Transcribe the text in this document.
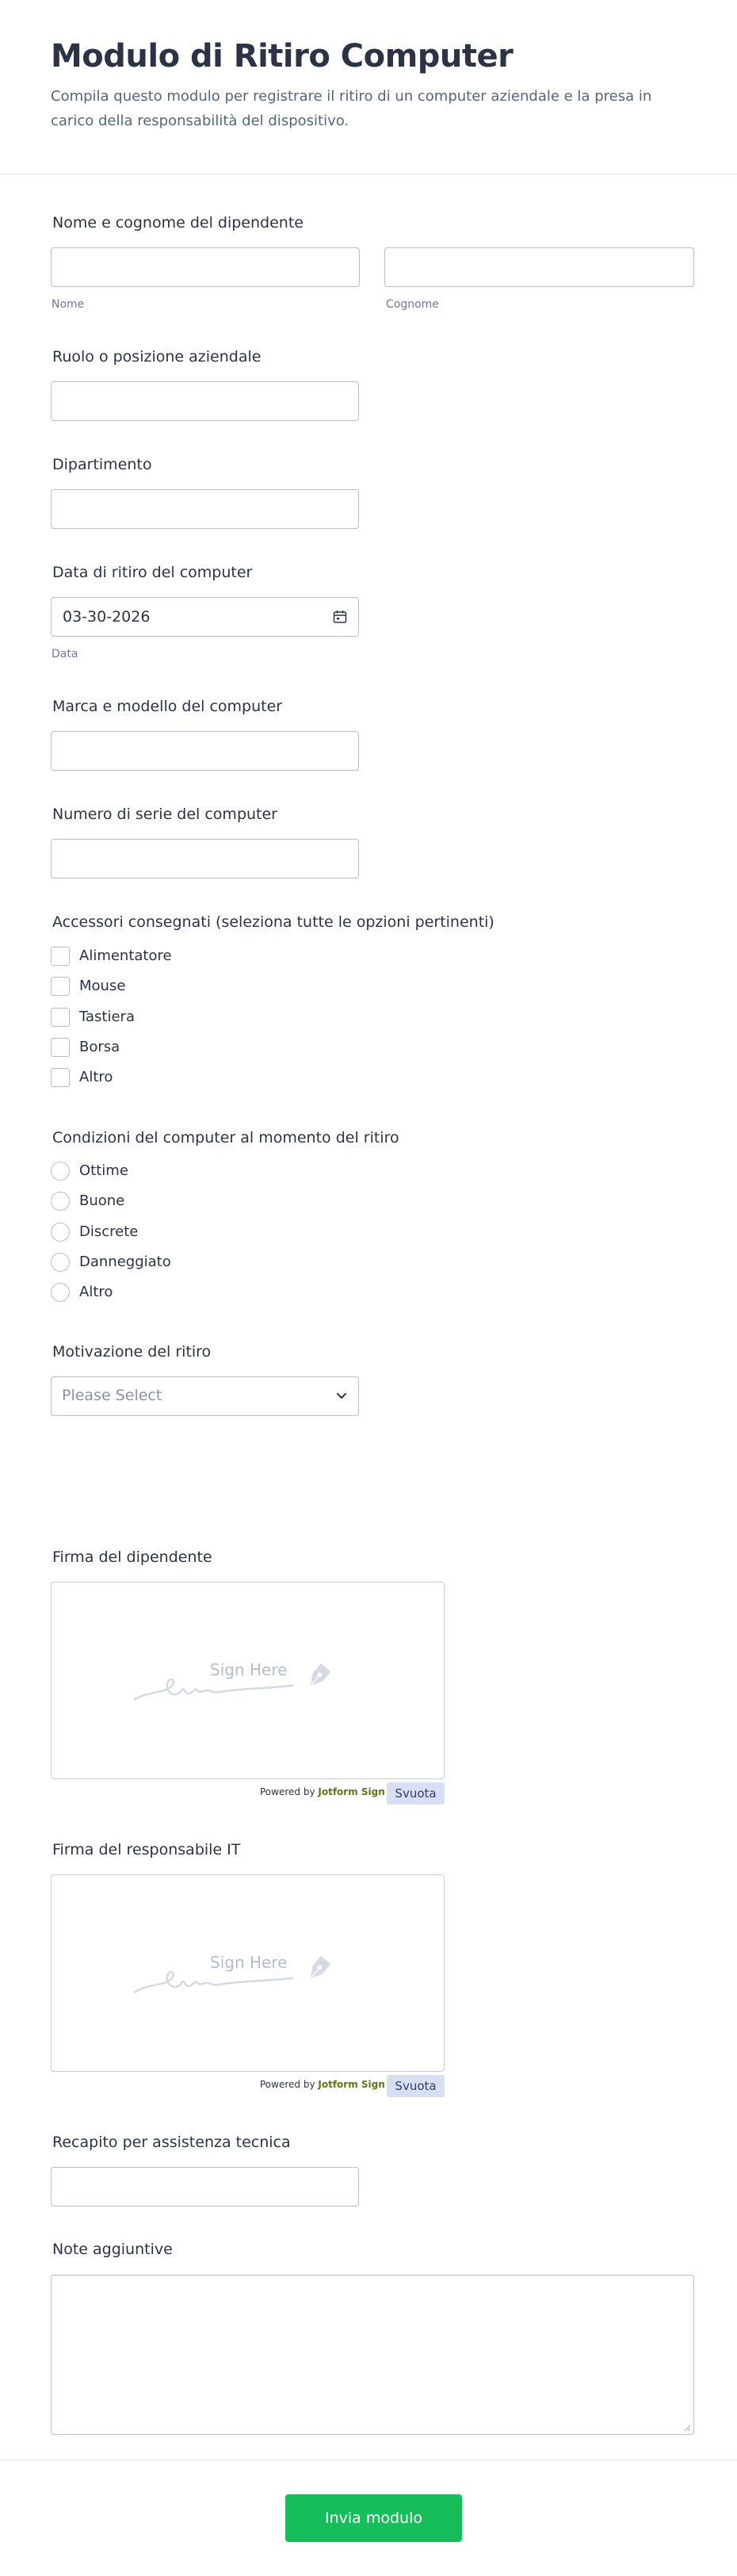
Modulo di Ritiro Computer
Compila questo modulo per registrare il ritiro di un computer aziendale e la presa in carico della responsabilità del dispositivo.
Nome e cognome del dipendente
Nome	Cognome
Ruolo o posizione aziendale
Dipartimento
Data di ritiro del computer
03-30-2026
Data
Marca e modello del computer
Numero di serie del computer
Accessori consegnati (seleziona tutte le opzioni pertinenti)
Alimentatore
Mouse
Tastiera
Borsa
Altro
Condizioni del computer al momento del ritiro
Ottime
Buone
Discrete
Danneggiato
Altro
Motivazione del ritiro
Please Select
Firma del dipendente
Sign Here
Powered by Jotform Sign Svuota
Firma del responsabile IT
Sign Here
Powered by Jotform Sign Svuota
Recapito per assistenza tecnica
Note aggiuntive
Invia modulo
